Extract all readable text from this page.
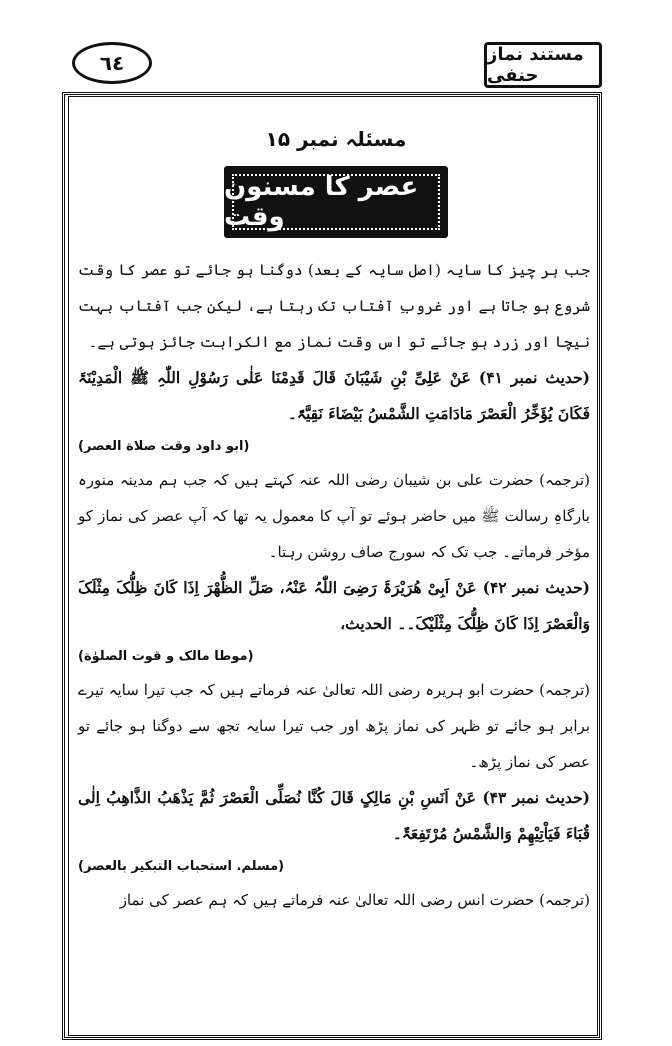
٦٤	مستند نماز حنفی
مسئلہ نمبر ۱۵
عصر کا مسنون وقت

جب ہر چیز کا سایہ (اصل سایہ کے بعد) دوگنا ہو جائے تو عصر کا وقت شروع ہو جاتا ہے اور غروبِ آفتاب تک رہتا ہے، لیکن جب آفتاب بہت نیچا اور زرد ہو جائے تو اس وقت نماز مع الکراہت جائز ہوتی ہے۔

(حدیث نمبر ۴۱) عَنْ عَلِیِّ بْنِ شَیْبَانَ قَالَ قَدِمْنَا عَلٰی رَسُوْلِ اللّٰہِ ﷺ الْمَدِیْنَۃَ فَکَانَ یُؤَخِّرُ الْعَصْرَ مَادَامَتِ الشَّمْسُ بَیْضَاءَ نَقِیَّۃً۔

(ابو داود وقت صلاة العصر)

(ترجمہ) حضرت علی بن شیبان رضی اللہ عنہ کہتے ہیں کہ جب ہم مدینہ منورہ بارگاہِ رسالت ﷺ میں حاضر ہوئے تو آپ کا معمول یہ تھا کہ آپ عصر کی نماز کو مؤخر فرماتے۔ جب تک کہ سورج صاف روشن رہتا۔

(حدیث نمبر ۴۲) عَنْ اَبِیْ ھُرَیْرَۃَ رَضِیَ اللّٰہُ عَنْہُ، صَلِّ الظُّھْرَ اِذَا کَانَ ظِلُّکَ مِثْلَکَ وَالْعَصْرَ اِذَا کَانَ ظِلُّکَ مِثْلَیْکَ۔۔ الحدیث،

(موطا مالک و قوت الصلوٰة)

(ترجمہ) حضرت ابو ہریرہ رضی اللہ تعالیٰ عنہ فرماتے ہیں کہ جب تیرا سایہ تیرے برابر ہو جائے تو ظہر کی نماز پڑھ اور جب تیرا سایہ تجھ سے دوگنا ہو جائے تو عصر کی نماز پڑھ۔

(حدیث نمبر ۴۳) عَنْ اَنَسِ بْنِ مَالِکٍ قَالَ کُنَّا نُصَلِّی الْعَصْرَ ثُمَّ یَذْھَبُ الذَّاھِبُ اِلٰی قُبَاءَ فَیَاْتِیْھِمْ وَالشَّمْسُ مُرْتَفِعَۃٌ۔

(مسلم. استحباب التبكير بالعصر)

(ترجمہ) حضرت انس رضی اللہ تعالیٰ عنہ فرماتے ہیں کہ ہم عصر کی نماز
